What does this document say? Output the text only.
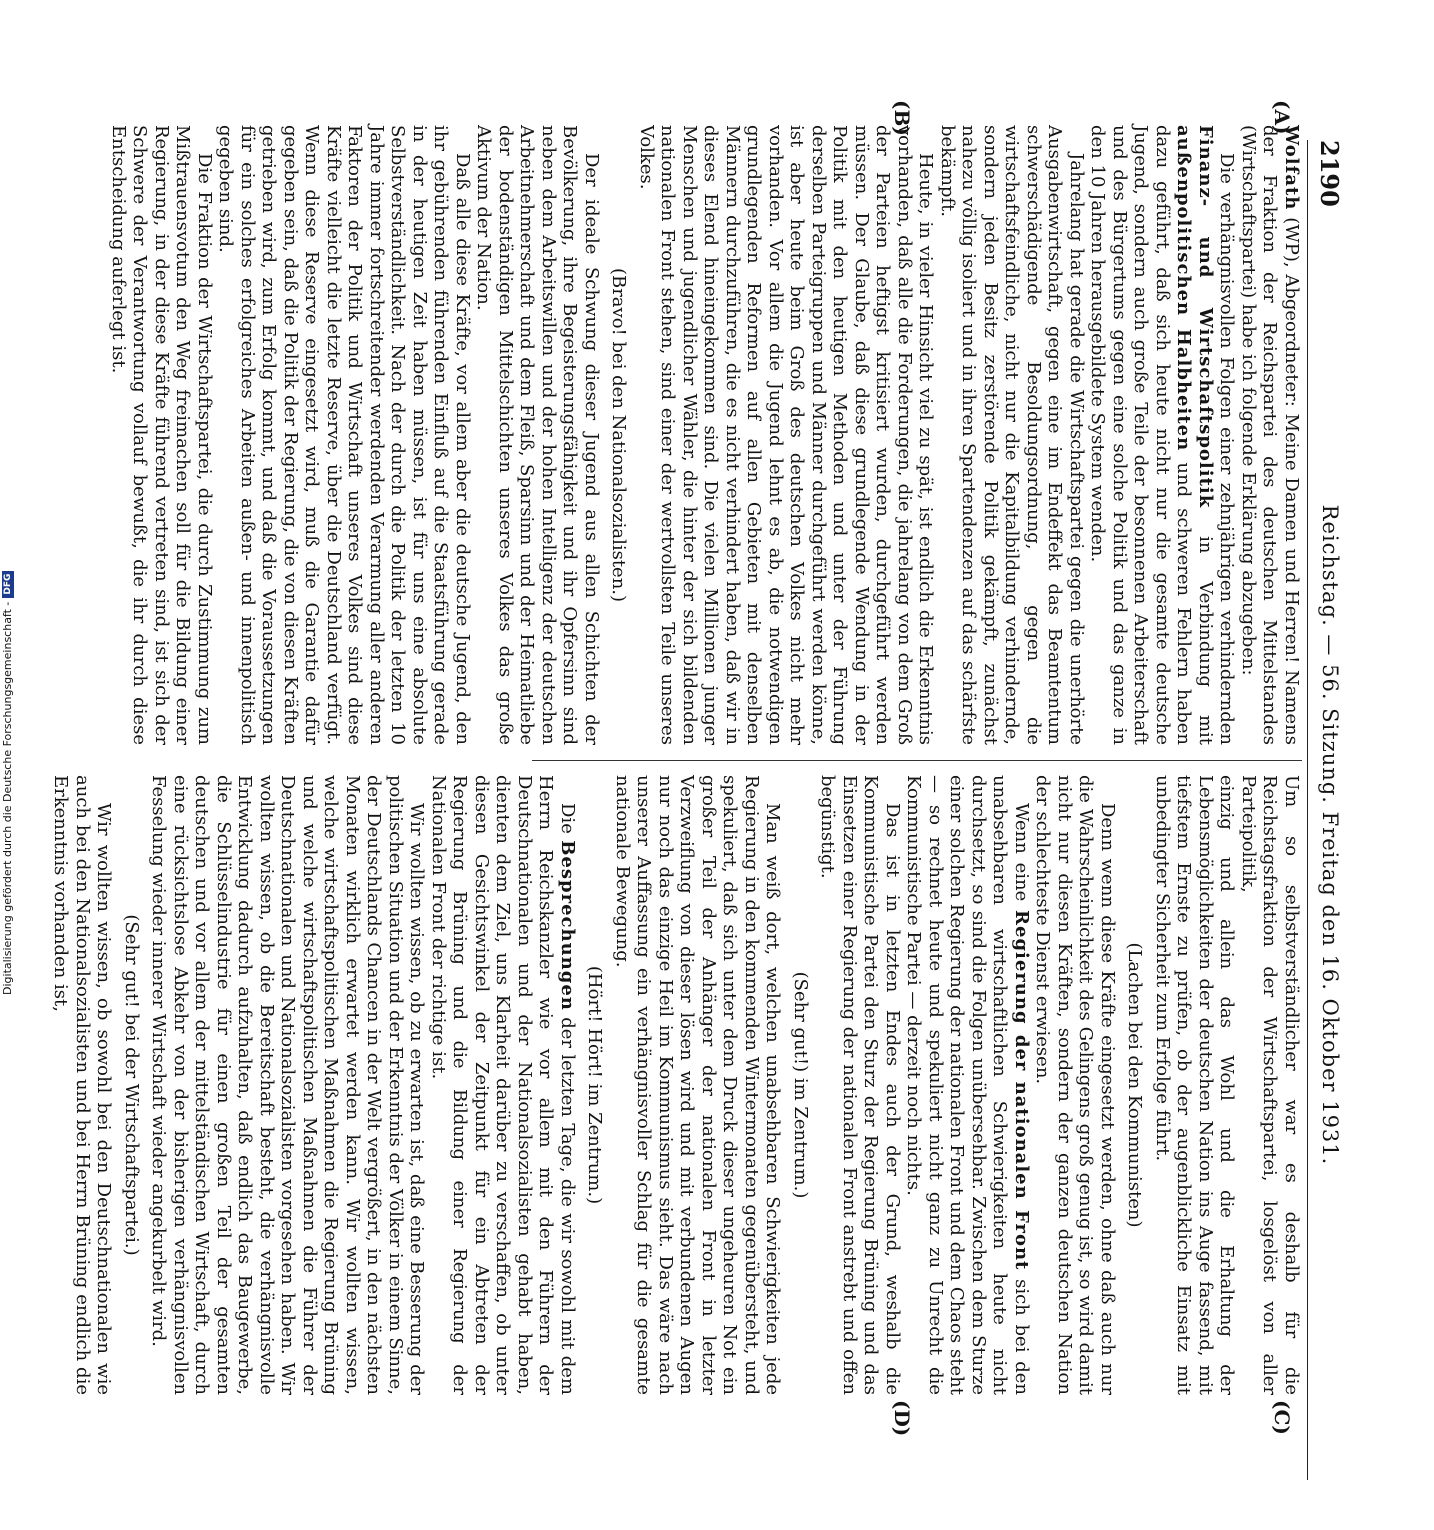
2190
Reichstag. — 56. Sitzung. Freitag den 16. Oktober 1931.
(A)
(B)
(C)
(D)

Wolfath (WP), Abgeordneter: Meine Damen und Herren! Namens der Fraktion der Reichspartei des deutschen Mittelstandes (Wirtschaftspartei) habe ich folgende Erklärung abzugeben:

Die verhängnisvollen Folgen einer zehnjährigen verhindernden Finanz- und Wirtschaftspolitik in Verbindung mit außenpolitischen Halbheiten und schweren Fehlern haben dazu geführt, daß sich heute nicht nur die gesamte deutsche Jugend, sondern auch große Teile der besonnenen Arbeiterschaft und des Bürgertums gegen eine solche Politik und das ganze in den 10 Jahren herausgebildete System wenden.

Jahrelang hat gerade die Wirtschaftspartei gegen die unerhörte Ausgabenwirtschaft, gegen eine im Endeffekt das Beamtentum schwerschädigende Besoldungsordnung, gegen die wirtschaftsfeindliche, nicht nur die Kapitalbildung verhindernde, sondern jeden Besitz zerstörende Politik gekämpft, zunächst nahezu völlig isoliert und in ihren Spartendenzen auf das schärfste bekämpft.

Heute, in vieler Hinsicht viel zu spät, ist endlich die Erkenntnis vorhanden, daß alle die Forderungen, die jahrelang von dem Groß der Parteien heftigst kritisiert wurden, durchgeführt werden müssen. Der Glaube, daß diese grundlegende Wendung in der Politik mit den heutigen Methoden und unter der Führung derselben Parteigruppen und Männer durchgeführt werden könne, ist aber heute beim Groß des deutschen Volkes nicht mehr vorhanden. Vor allem die Jugend lehnt es ab, die notwendigen grundlegenden Reformen auf allen Gebieten mit denselben Männern durchzuführen, die es nicht verhindert haben, daß wir in dieses Elend hineingekommen sind. Die vielen Millionen junger Menschen und jugendlicher Wähler, die hinter der sich bildenden nationalen Front stehen, sind einer der wertvollsten Teile unseres Volkes.

(Bravo! bei den Nationalsozialisten.)

Der ideale Schwung dieser Jugend aus allen Schichten der Bevölkerung, ihre Begeisterungsfähigkeit und ihr Opfersinn sind neben dem Arbeitswillen und der hohen Intelligenz der deutschen Arbeitnehmerschaft und dem Fleiß, Sparsinn und der Heimatliebe der bodenständigen Mittelschichten unseres Volkes das große Aktivum der Nation.

Daß alle diese Kräfte, vor allem aber die deutsche Jugend, den ihr gebührenden führenden Einfluß auf die Staatsführung gerade in der heutigen Zeit haben müssen, ist für uns eine absolute Selbstverständlichkeit. Nach der durch die Politik der letzten 10 Jahre immer fortschreitender werdenden Verarmung aller anderen Faktoren der Politik und Wirtschaft unseres Volkes sind diese Kräfte vielleicht die letzte Reserve, über die Deutschland verfügt. Wenn diese Reserve eingesetzt wird, muß die Garantie dafür gegeben sein, daß die Politik der Regierung, die von diesen Kräften getrieben wird, zum Erfolg kommt, und daß die Voraussetzungen für ein solches erfolgreiches Arbeiten außen- und innenpolitisch gegeben sind.

Die Fraktion der Wirtschaftspartei, die durch Zustimmung zum Mißtrauensvotum den Weg freimachen soll für die Bildung einer Regierung, in der diese Kräfte führend vertreten sind, ist sich der Schwere der Verantwortung vollauf bewußt, die ihr durch diese Entscheidung auferlegt ist.

Um so selbstverständlicher war es deshalb für die Reichstagsfraktion der Wirtschaftspartei, losgelöst von aller Parteipolitik,

einzig und allein das Wohl und die Erhaltung der Lebensmöglichkeiten der deutschen Nation ins Auge fassend, mit tiefstem Ernste zu prüfen, ob der augenblickliche Einsatz mit unbedingter Sicherheit zum Erfolge führt.

(Lachen bei den Kommunisten)

Denn wenn diese Kräfte eingesetzt werden, ohne daß auch nur die Wahrscheinlichkeit des Gelingens groß genug ist, so wird damit nicht nur diesen Kräften, sondern der ganzen deutschen Nation der schlechteste Dienst erwiesen.

Wenn eine Regierung der nationalen Front sich bei den unabsehbaren wirtschaftlichen Schwierigkeiten heute nicht durchsetzt, so sind die Folgen unübersehbar. Zwischen dem Sturze einer solchen Regierung der nationalen Front und dem Chaos steht — so rechnet heute und spekuliert nicht ganz zu Unrecht die Kommunistische Partei — derzeit noch nichts.

Das ist in letzten Endes auch der Grund, weshalb die Kommunistische Partei den Sturz der Regierung Brüning und das Einsetzen einer Regierung der nationalen Front anstrebt und offen begünstigt.

(Sehr gut!) im Zentrum.)

Man weiß dort, welchen unabsehbaren Schwierigkeiten jede Regierung in den kommenden Wintermonaten gegenübersteht, und spekuliert, daß sich unter dem Druck dieser ungeheuren Not ein großer Teil der Anhänger der nationalen Front in letzter Verzweiflung von dieser lösen wird und mit verbundenen Augen nur noch das einzige Heil im Kommunismus sieht. Das wäre nach unserer Auffassung ein verhängnisvoller Schlag für die gesamte nationale Bewegung.

(Hört! Hört! im Zentrum.)

Die Besprechungen der letzten Tage, die wir sowohl mit dem Herrn Reichskanzler wie vor allem mit den Führern der Deutschnationalen und der Nationalsozialisten gehabt haben, dienten dem Ziel, uns Klarheit darüber zu verschaffen, ob unter diesen Gesichtswinkel der Zeitpunkt für ein Abtreten der Regierung Brüning und die Bildung einer Regierung der Nationalen Front der richtige ist.

Wir wollten wissen, ob zu erwarten ist, daß eine Besserung der politischen Situation und der Erkenntnis der Völker in einem Sinne, der Deutschlands Chancen in der Welt vergrößert, in den nächsten Monaten wirklich erwartet werden kann. Wir wollten wissen, welche wirtschaftspolitischen Maßnahmen die Regierung Brüning und welche wirtschaftspolitischen Maßnahmen die Führer der Deutschnationalen und Nationalsozialisten vorgesehen haben. Wir wollten wissen, ob die Bereitschaft besteht, die verhängnisvolle Entwicklung dadurch aufzuhalten, daß endlich das Baugewerbe, die Schlüsselindustrie für einen großen Teil der gesamten deutschen und vor allem der mittelständischen Wirtschaft, durch eine rücksichtslose Abkehr von der bisherigen verhängnisvollen Fesselung wieder innerer Wirtschaft wieder angekurbelt wird.

(Sehr gut! bei der Wirtschaftspartei.)

Wir wollten wissen, ob sowohl bei den Deutschnationalen wie auch bei den Nationalsozialisten und bei Herrn Brüning endlich die Erkenntnis vorhanden ist,

Digitalisierung gefördert durch die Deutsche Forschungsgemeinschaft -DFG
